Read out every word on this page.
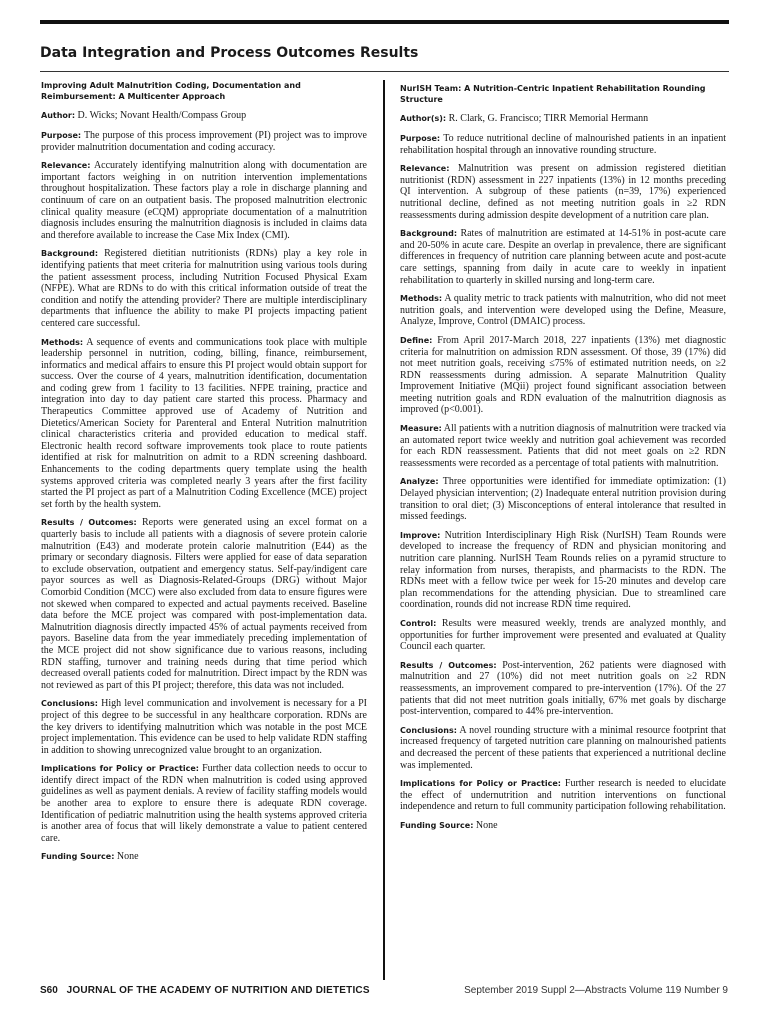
Data Integration and Process Outcomes Results

Improving Adult Malnutrition Coding, Documentation and Reimbursement: A Multicenter Approach

Author: D. Wicks; Novant Health/Compass Group

Purpose: The purpose of this process improvement (PI) project was to improve provider malnutrition documentation and coding accuracy.

Relevance: Accurately identifying malnutrition along with documentation are important factors weighing in on nutrition intervention implementations throughout hospitalization. These factors play a role in discharge planning and continuum of care on an outpatient basis. The proposed malnutrition electronic clinical quality measure (eCQM) appropriate documentation of a malnutrition diagnosis includes ensuring the malnutrition diagnosis is included in claims data and therefore available to increase the Case Mix Index (CMI).

Background: Registered dietitian nutritionists (RDNs) play a key role in identifying patients that meet criteria for malnutrition using various tools during the patient assessment process, including Nutrition Focused Physical Exam (NFPE). What are RDNs to do with this critical information outside of treat the condition and notify the attending provider? There are multiple interdisciplinary departments that influence the ability to make PI projects impacting patient centered care successful.

Methods: A sequence of events and communications took place with multiple leadership personnel in nutrition, coding, billing, finance, reimbursement, informatics and medical affairs to ensure this PI project would obtain support for success. Over the course of 4 years, malnutrition identification, documentation and coding grew from 1 facility to 13 facilities. NFPE training, practice and integration into day to day patient care started this process. Pharmacy and Therapeutics Committee approved use of Academy of Nutrition and Dietetics/American Society for Parenteral and Enteral Nutrition malnutrition clinical characteristics criteria and provided education to medical staff. Electronic health record software improvements took place to route patients identified at risk for malnutrition on admit to a RDN screening dashboard. Enhancements to the coding departments query template using the health systems approved criteria was completed nearly 3 years after the first facility started the PI project as part of a Malnutrition Coding Excellence (MCE) project set forth by the health system.

Results / Outcomes: Reports were generated using an excel format on a quarterly basis to include all patients with a diagnosis of severe protein calorie malnutrition (E43) and moderate protein calorie malnutrition (E44) as the primary or secondary diagnosis. Filters were applied for ease of data separation to exclude observation, outpatient and emergency status. Self-pay/indigent care payor sources as well as Diagnosis-Related-Groups (DRG) without Major Comorbid Condition (MCC) were also excluded from data to ensure figures were not skewed when compared to expected and actual payments received. Baseline data before the MCE project was compared with post-implementation data. Malnutrition diagnosis directly impacted 45% of actual payments received from payors. Baseline data from the year immediately preceding implementation of the MCE project did not show significance due to various reasons, including RDN staffing, turnover and training needs during that time period which decreased overall patients coded for malnutrition. Direct impact by the RDN was not reviewed as part of this PI project; therefore, this data was not included.

Conclusions: High level communication and involvement is necessary for a PI project of this degree to be successful in any healthcare corporation. RDNs are the key drivers to identifying malnutrition which was notable in the post MCE project implementation. This evidence can be used to help validate RDN staffing in addition to showing unrecognized value brought to an organization.

Implications for Policy or Practice: Further data collection needs to occur to identify direct impact of the RDN when malnutrition is coded using approved guidelines as well as payment denials. A review of facility staffing models would be another area to explore to ensure there is adequate RDN coverage. Identification of pediatric malnutrition using the health systems approved criteria is another area of focus that will likely demonstrate a value to patient centered care.

Funding Source: None

NurISH Team: A Nutrition-Centric Inpatient Rehabilitation Rounding Structure

Author(s): R. Clark, G. Francisco; TIRR Memorial Hermann

Purpose: To reduce nutritional decline of malnourished patients in an inpatient rehabilitation hospital through an innovative rounding structure.

Relevance: Malnutrition was present on admission registered dietitian nutritionist (RDN) assessment in 227 inpatients (13%) in 12 months preceding QI intervention. A subgroup of these patients (n=39, 17%) experienced nutritional decline, defined as not meeting nutrition goals in ≥2 RDN reassessments during admission despite development of a nutrition care plan.

Background: Rates of malnutrition are estimated at 14-51% in post-acute care and 20-50% in acute care. Despite an overlap in prevalence, there are significant differences in frequency of nutrition care planning between acute and post-acute care settings, spanning from daily in acute care to weekly in inpatient rehabilitation to quarterly in skilled nursing and long-term care.

Methods: A quality metric to track patients with malnutrition, who did not meet nutrition goals, and intervention were developed using the Define, Measure, Analyze, Improve, Control (DMAIC) process.

Define: From April 2017-March 2018, 227 inpatients (13%) met diagnostic criteria for malnutrition on admission RDN assessment. Of those, 39 (17%) did not meet nutrition goals, receiving ≤75% of estimated nutrition needs, on ≥2 RDN reassessments during admission. A separate Malnutrition Quality Improvement Initiative (MQii) project found significant association between meeting nutrition goals and RDN evaluation of the malnutrition diagnosis as improved (p<0.001).

Measure: All patients with a nutrition diagnosis of malnutrition were tracked via an automated report twice weekly and nutrition goal achievement was recorded for each RDN reassessment. Patients that did not meet goals on ≥2 RDN reassessments were recorded as a percentage of total patients with malnutrition.

Analyze: Three opportunities were identified for immediate optimization: (1) Delayed physician intervention; (2) Inadequate enteral nutrition provision during transition to oral diet; (3) Misconceptions of enteral intolerance that resulted in missed feedings.

Improve: Nutrition Interdisciplinary High Risk (NurISH) Team Rounds were developed to increase the frequency of RDN and physician monitoring and nutrition care planning. NurISH Team Rounds relies on a pyramid structure to relay information from nurses, therapists, and pharmacists to the RDN. The RDNs meet with a fellow twice per week for 15-20 minutes and develop care plan recommendations for the attending physician. Due to streamlined care coordination, rounds did not increase RDN time required.

Control: Results were measured weekly, trends are analyzed monthly, and opportunities for further improvement were presented and evaluated at Quality Council each quarter.

Results / Outcomes: Post-intervention, 262 patients were diagnosed with malnutrition and 27 (10%) did not meet nutrition goals on ≥2 RDN reassessments, an improvement compared to pre-intervention (17%). Of the 27 patients that did not meet nutrition goals initially, 67% met goals by discharge post-intervention, compared to 44% pre-intervention.

Conclusions: A novel rounding structure with a minimal resource footprint that increased frequency of targeted nutrition care planning on malnourished patients and decreased the percent of these patients that experienced a nutritional decline was implemented.

Implications for Policy or Practice: Further research is needed to elucidate the effect of undernutrition and nutrition interventions on functional independence and return to full community participation following rehabilitation.

Funding Source: None

S60 JOURNAL OF THE ACADEMY OF NUTRITION AND DIETETICS	September 2019 Suppl 2—Abstracts Volume 119 Number 9
